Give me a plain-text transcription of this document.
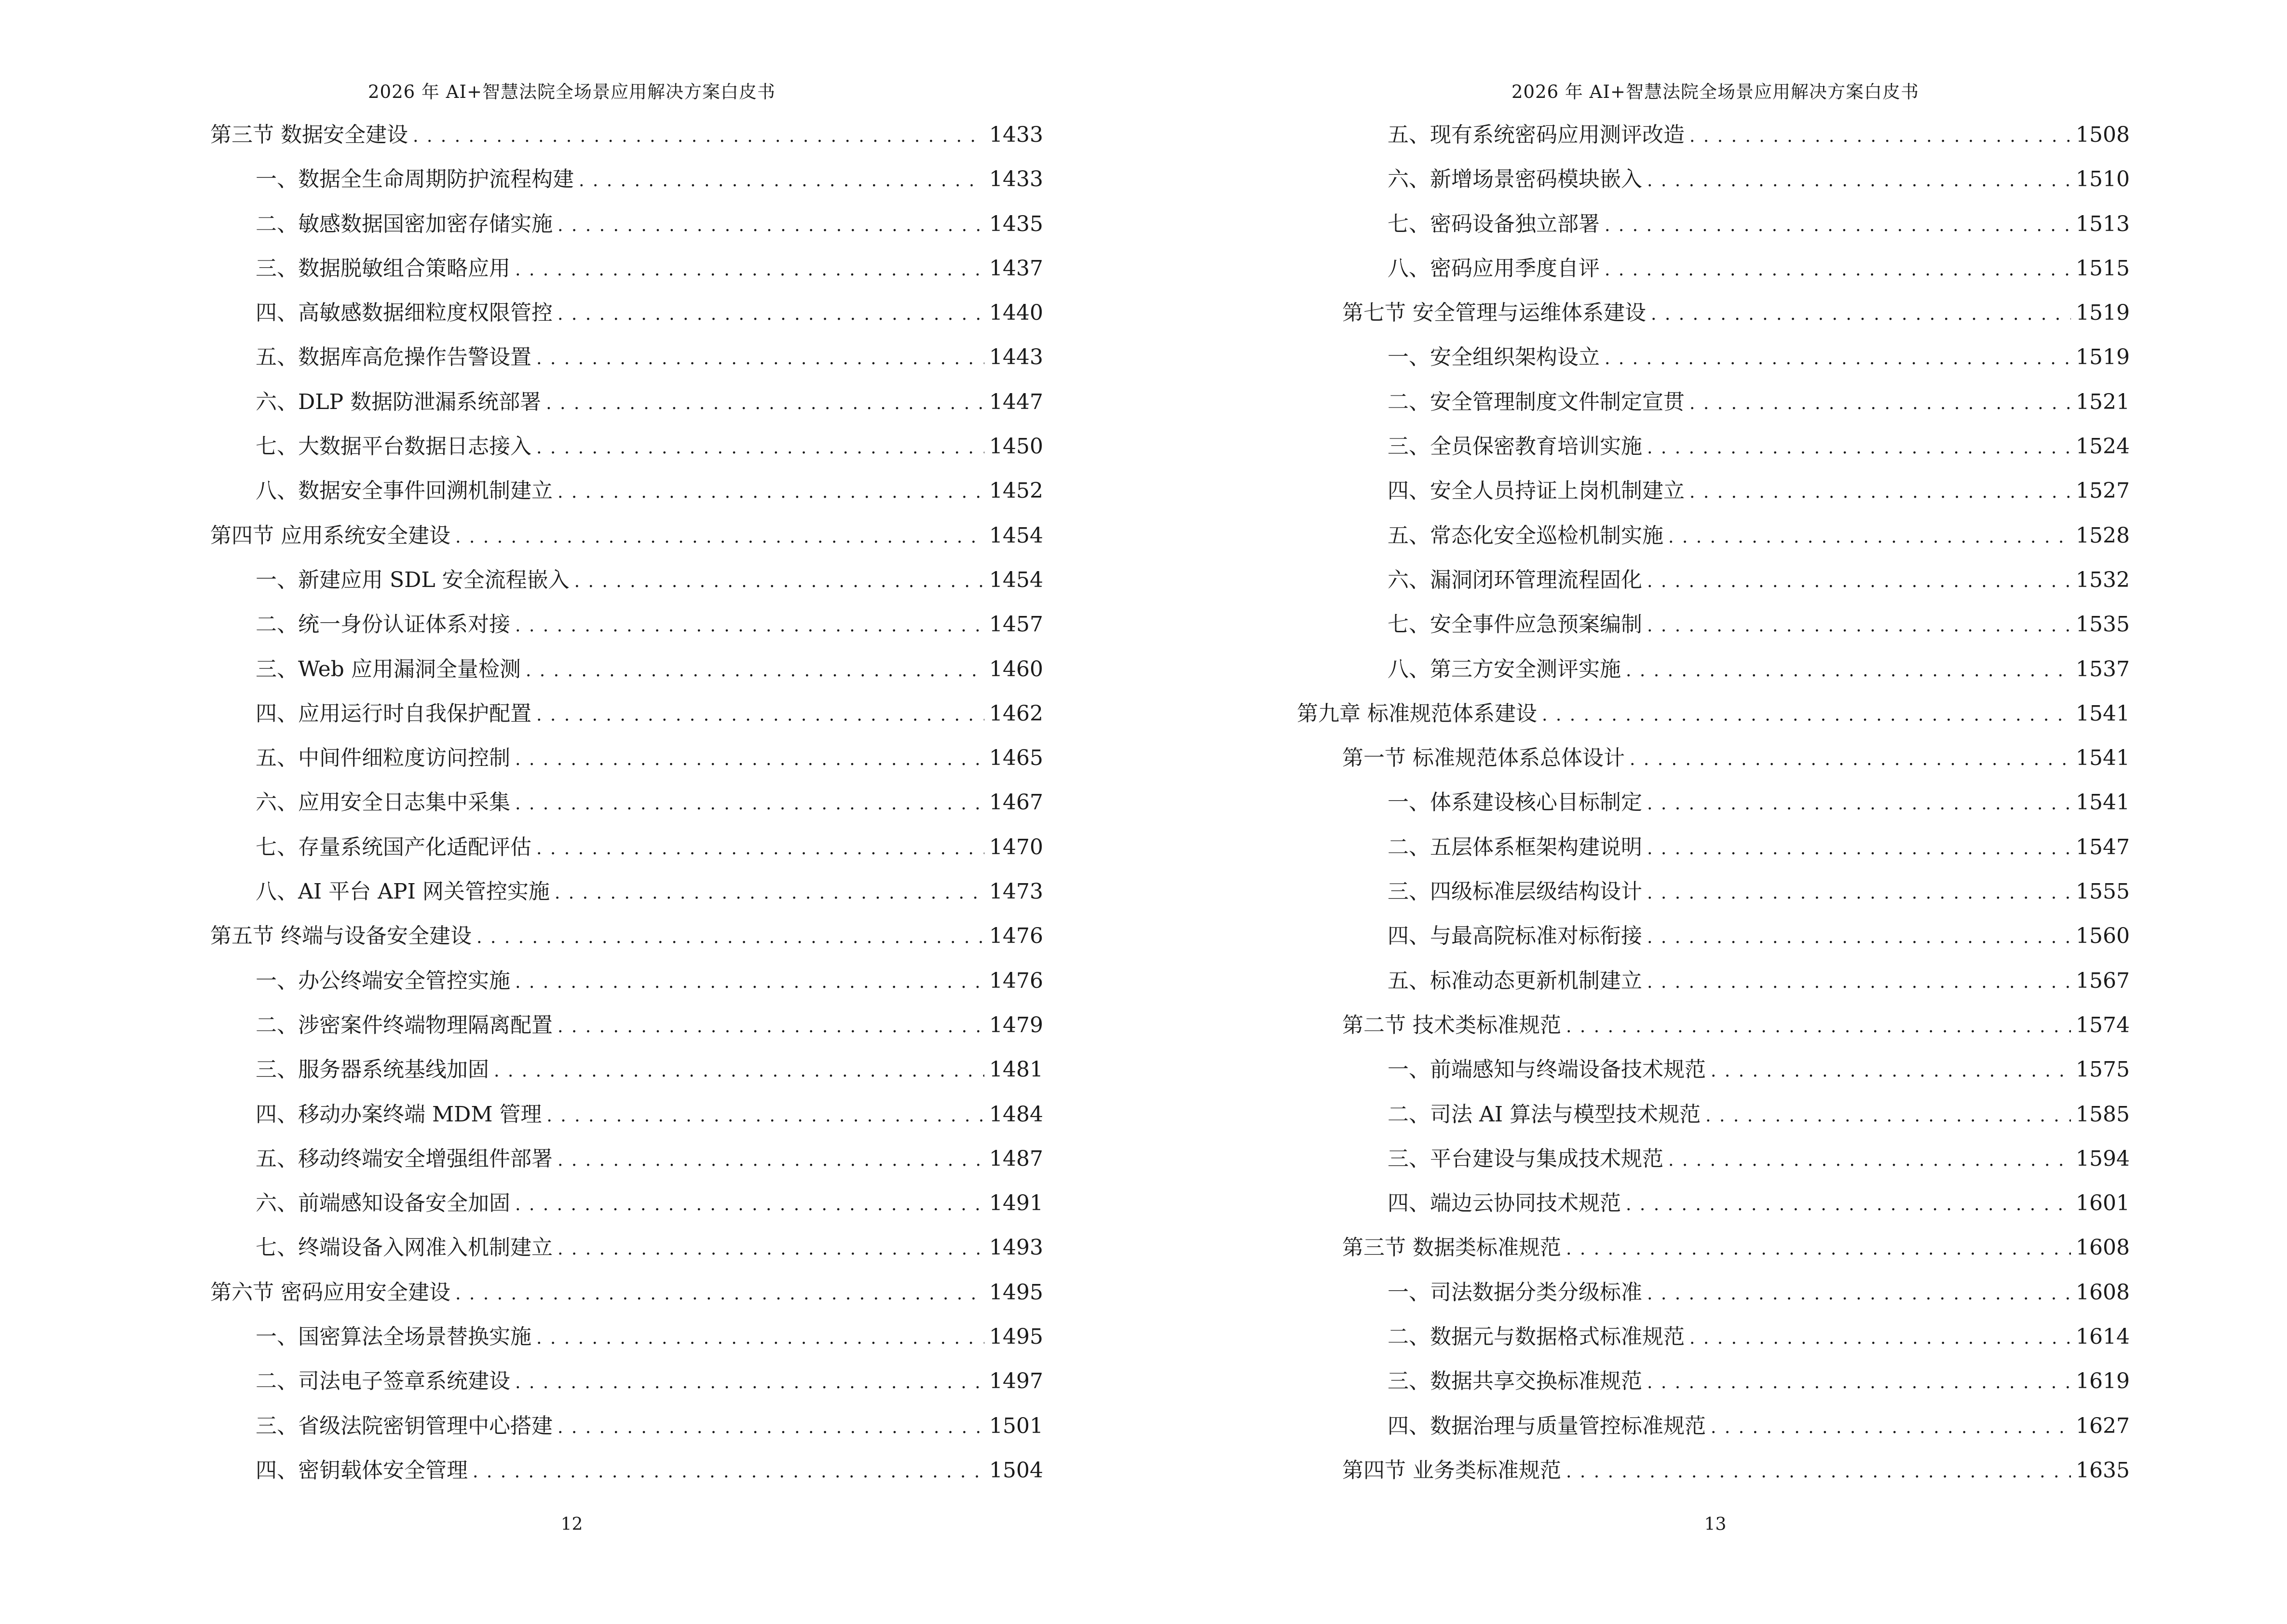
2026 年 AI+智慧法院全场景应用解决方案白皮书
第三节 数据安全建设 . . .	1433
一、数据全生命周期防护流程构建 . . .	1433
二、敏感数据国密加密存储实施 . . .	1435
三、数据脱敏组合策略应用 . . .	1437
四、高敏感数据细粒度权限管控 . . .	1440
五、数据库高危操作告警设置 . . .	1443
六、DLP 数据防泄漏系统部署 . . .	1447
七、大数据平台数据日志接入 . . .	1450
八、数据安全事件回溯机制建立 . . .	1452
第四节 应用系统安全建设 . . .	1454
一、新建应用 SDL 安全流程嵌入 . . .	1454
二、统一身份认证体系对接 . . .	1457
三、Web 应用漏洞全量检测 . . .	1460
四、应用运行时自我保护配置 . . .	1462
五、中间件细粒度访问控制 . . .	1465
六、应用安全日志集中采集 . . .	1467
七、存量系统国产化适配评估 . . .	1470
八、AI 平台 API 网关管控实施 . . .	1473
第五节 终端与设备安全建设 . . .	1476
一、办公终端安全管控实施 . . .	1476
二、涉密案件终端物理隔离配置 . . .	1479
三、服务器系统基线加固 . . .	1481
四、移动办案终端 MDM 管理 . . .	1484
五、移动终端安全增强组件部署 . . .	1487
六、前端感知设备安全加固 . . .	1491
七、终端设备入网准入机制建立 . . .	1493
第六节 密码应用安全建设 . . .	1495
一、国密算法全场景替换实施 . . .	1495
二、司法电子签章系统建设 . . .	1497
三、省级法院密钥管理中心搭建 . . .	1501
四、密钥载体安全管理 . . .	1504
12
2026 年 AI+智慧法院全场景应用解决方案白皮书
五、现有系统密码应用测评改造 . . .	1508
六、新增场景密码模块嵌入 . . .	1510
七、密码设备独立部署 . . .	1513
八、密码应用季度自评 . . .	1515
第七节 安全管理与运维体系建设 . . .	1519
一、安全组织架构设立 . . .	1519
二、安全管理制度文件制定宣贯 . . .	1521
三、全员保密教育培训实施 . . .	1524
四、安全人员持证上岗机制建立 . . .	1527
五、常态化安全巡检机制实施 . . .	1528
六、漏洞闭环管理流程固化 . . .	1532
七、安全事件应急预案编制 . . .	1535
八、第三方安全测评实施 . . .	1537
第九章 标准规范体系建设 . . .	1541
第一节 标准规范体系总体设计 . . .	1541
一、体系建设核心目标制定 . . .	1541
二、五层体系框架构建说明 . . .	1547
三、四级标准层级结构设计 . . .	1555
四、与最高院标准对标衔接 . . .	1560
五、标准动态更新机制建立 . . .	1567
第二节 技术类标准规范 . . .	1574
一、前端感知与终端设备技术规范 . . .	1575
二、司法 AI 算法与模型技术规范 . . .	1585
三、平台建设与集成技术规范 . . .	1594
四、端边云协同技术规范 . . .	1601
第三节 数据类标准规范 . . .	1608
一、司法数据分类分级标准 . . .	1608
二、数据元与数据格式标准规范 . . .	1614
三、数据共享交换标准规范 . . .	1619
四、数据治理与质量管控标准规范 . . .	1627
第四节 业务类标准规范 . . .	1635
13
